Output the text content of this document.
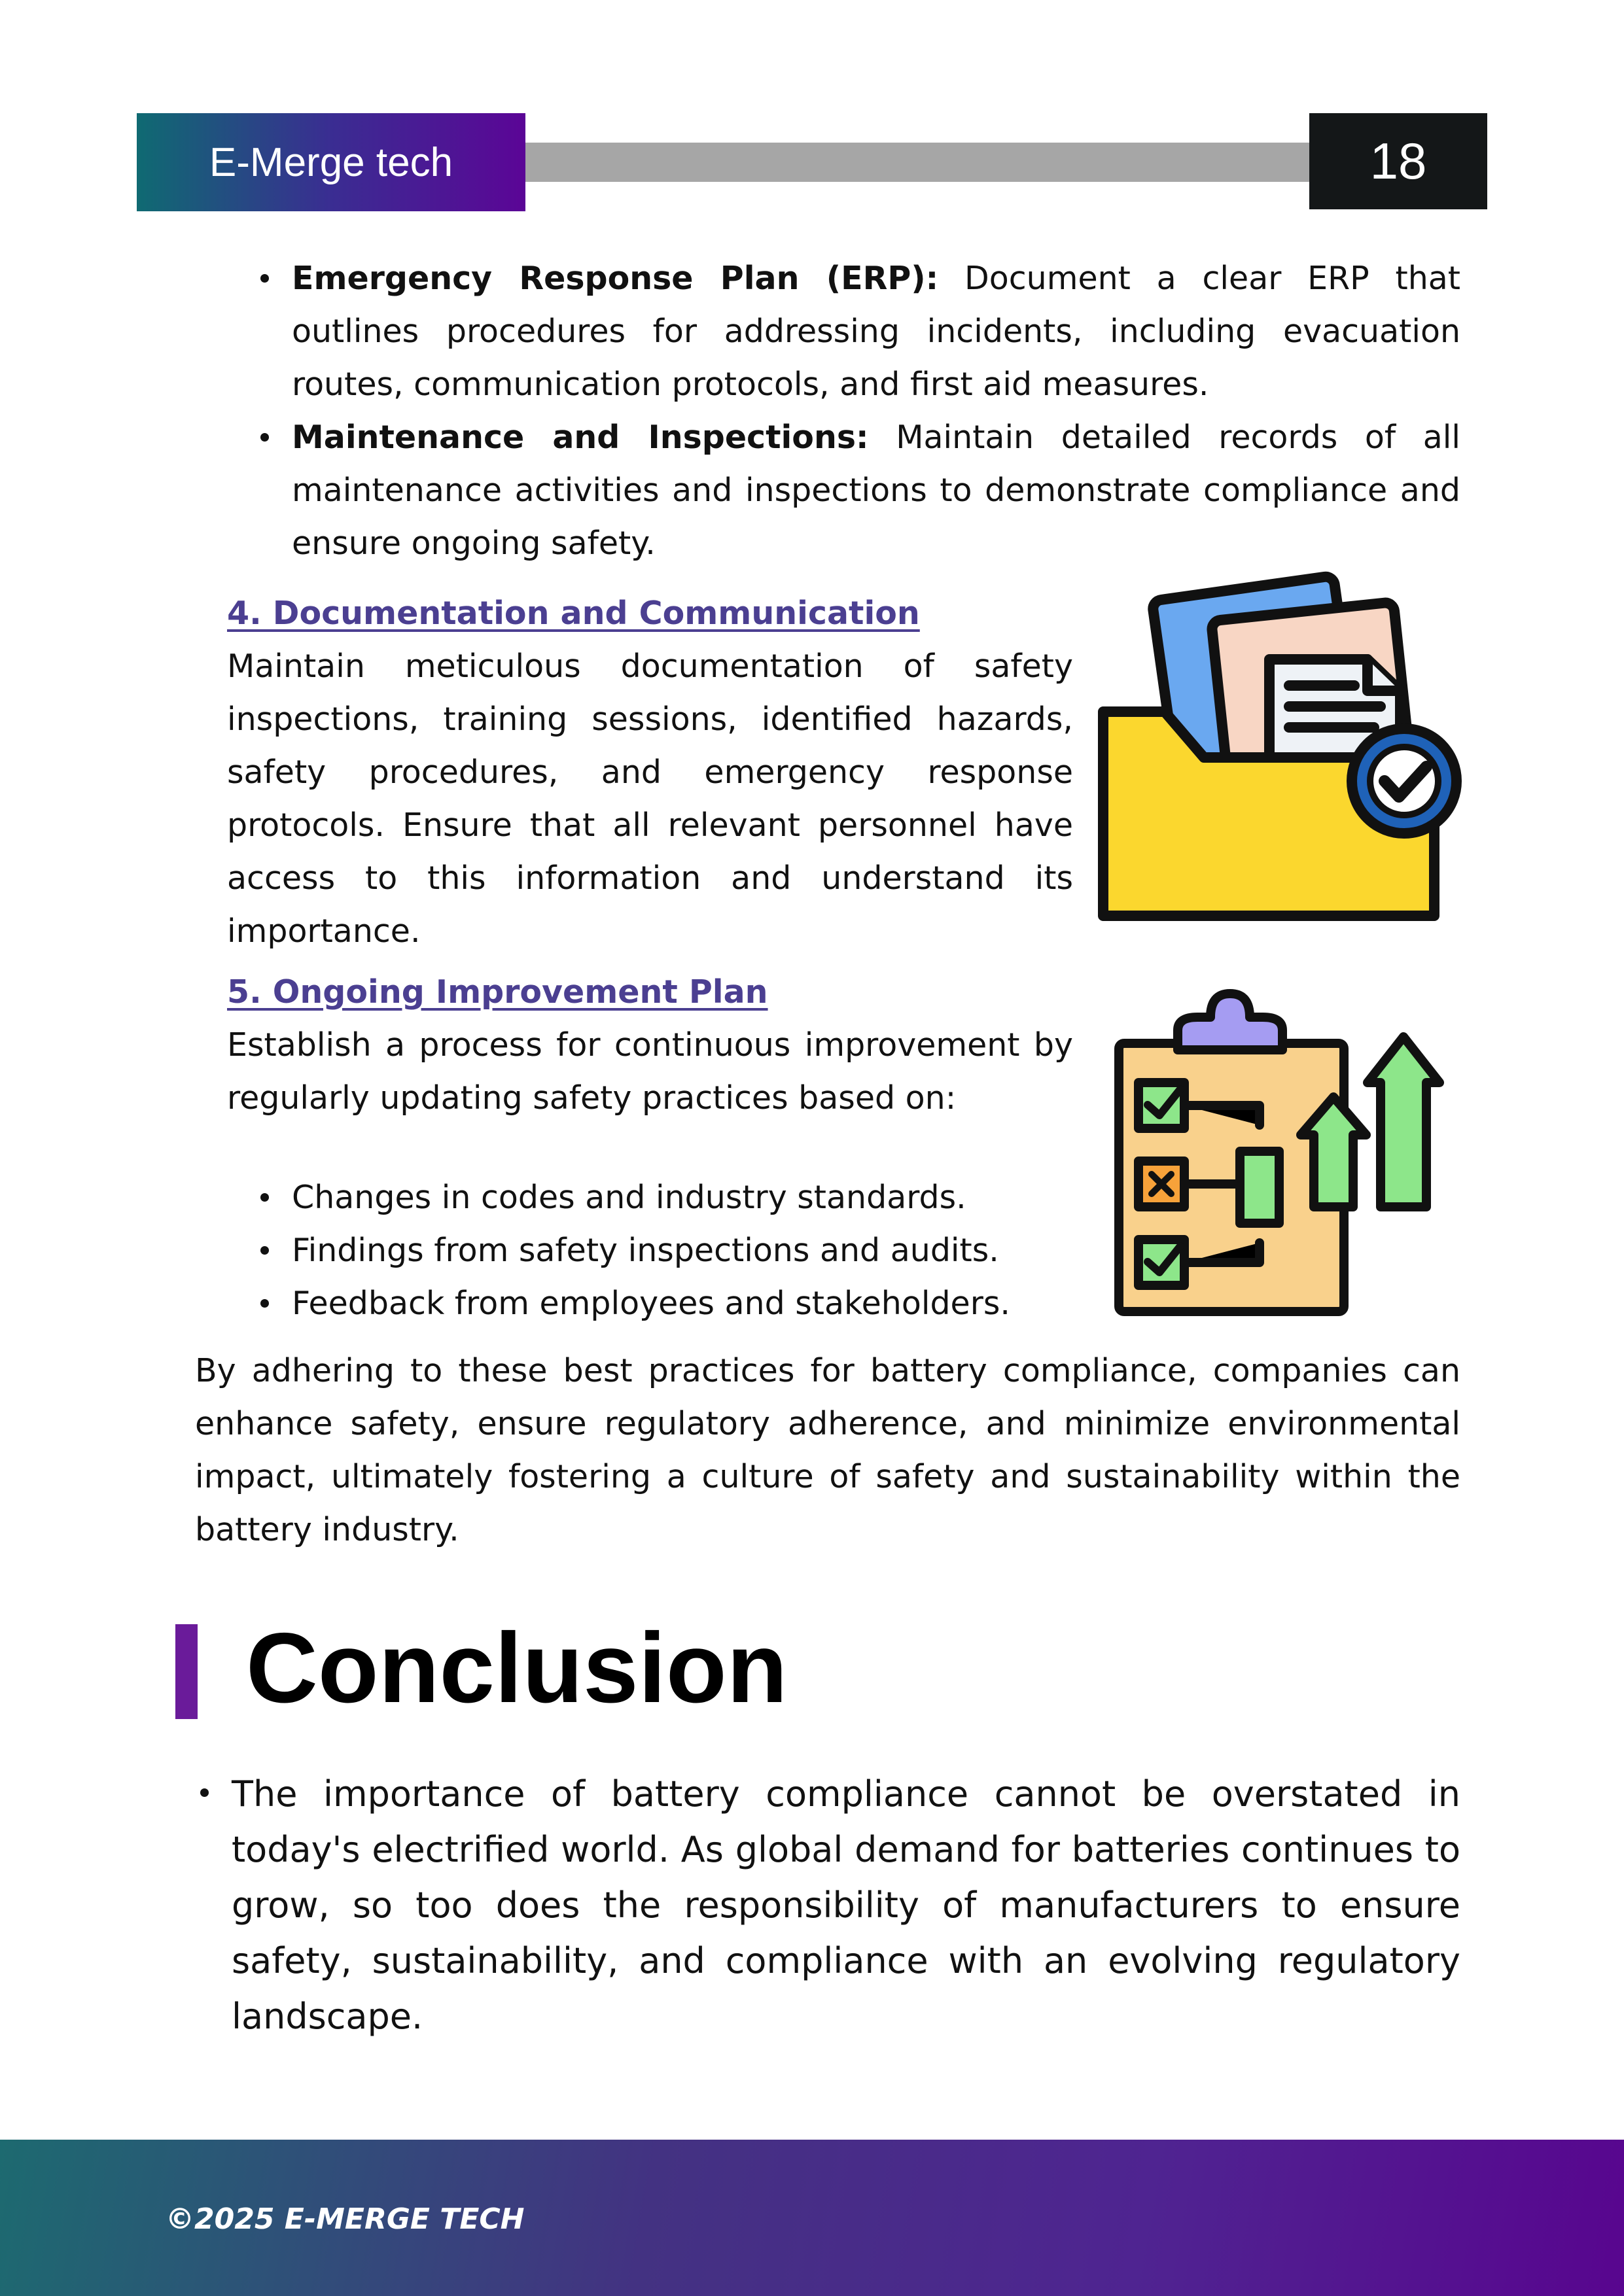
E-Merge tech	18
Emergency Response Plan (ERP): Document a clear ERP that outlines procedures for addressing incidents, including evacuation routes, communication protocols, and first aid measures.
Maintenance and Inspections: Maintain detailed records of all maintenance activities and inspections to demonstrate compliance and ensure ongoing safety.
4. Documentation and Communication

Maintain meticulous documentation of safety inspections, training sessions, identified hazards, safety procedures, and emergency response protocols. Ensure that all relevant personnel have access to this information and understand its importance.

5. Ongoing Improvement Plan

Establish a process for continuous improvement by regularly updating safety practices based on:

Changes in codes and industry standards.
Findings from safety inspections and audits.
Feedback from employees and stakeholders.

By adhering to these best practices for battery compliance, companies can enhance safety, ensure regulatory adherence, and minimize environmental impact, ultimately fostering a culture of safety and sustainability within the battery industry.

Conclusion
The importance of battery compliance cannot be overstated in today's electrified world. As global demand for batteries continues to grow, so too does the responsibility of manufacturers to ensure safety, sustainability, and compliance with an evolving regulatory landscape.
©2025 E-MERGE TECH
